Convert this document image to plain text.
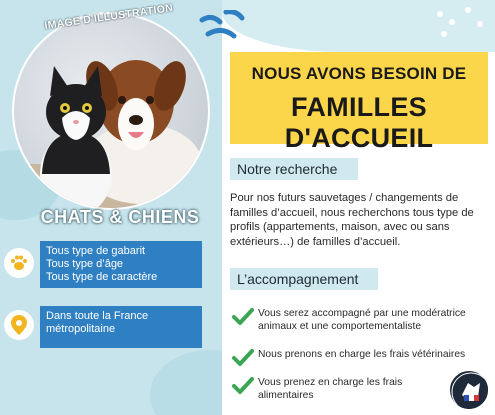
IMAGE D'ILLUSTRATION
CHATS & CHIENS
Tous type de gabarit
Tous type d’âge
Tous type de caractère
Dans toute la France
métropolitaine
NOUS AVONS BESOIN DE
FAMILLES D'ACCUEIL
Notre recherche
Pour nos futurs sauvetages / changements de familles d’accueil, nous recherchons tous type de profils (appartements, maison, avec ou sans extérieurs…) de familles d’accueil.
L’accompagnement
Vous serez accompagné par une modératrice animaux et une comportementaliste
Nous prenons en charge les frais vétérinaires
Vous prenez en charge les frais alimentaires
